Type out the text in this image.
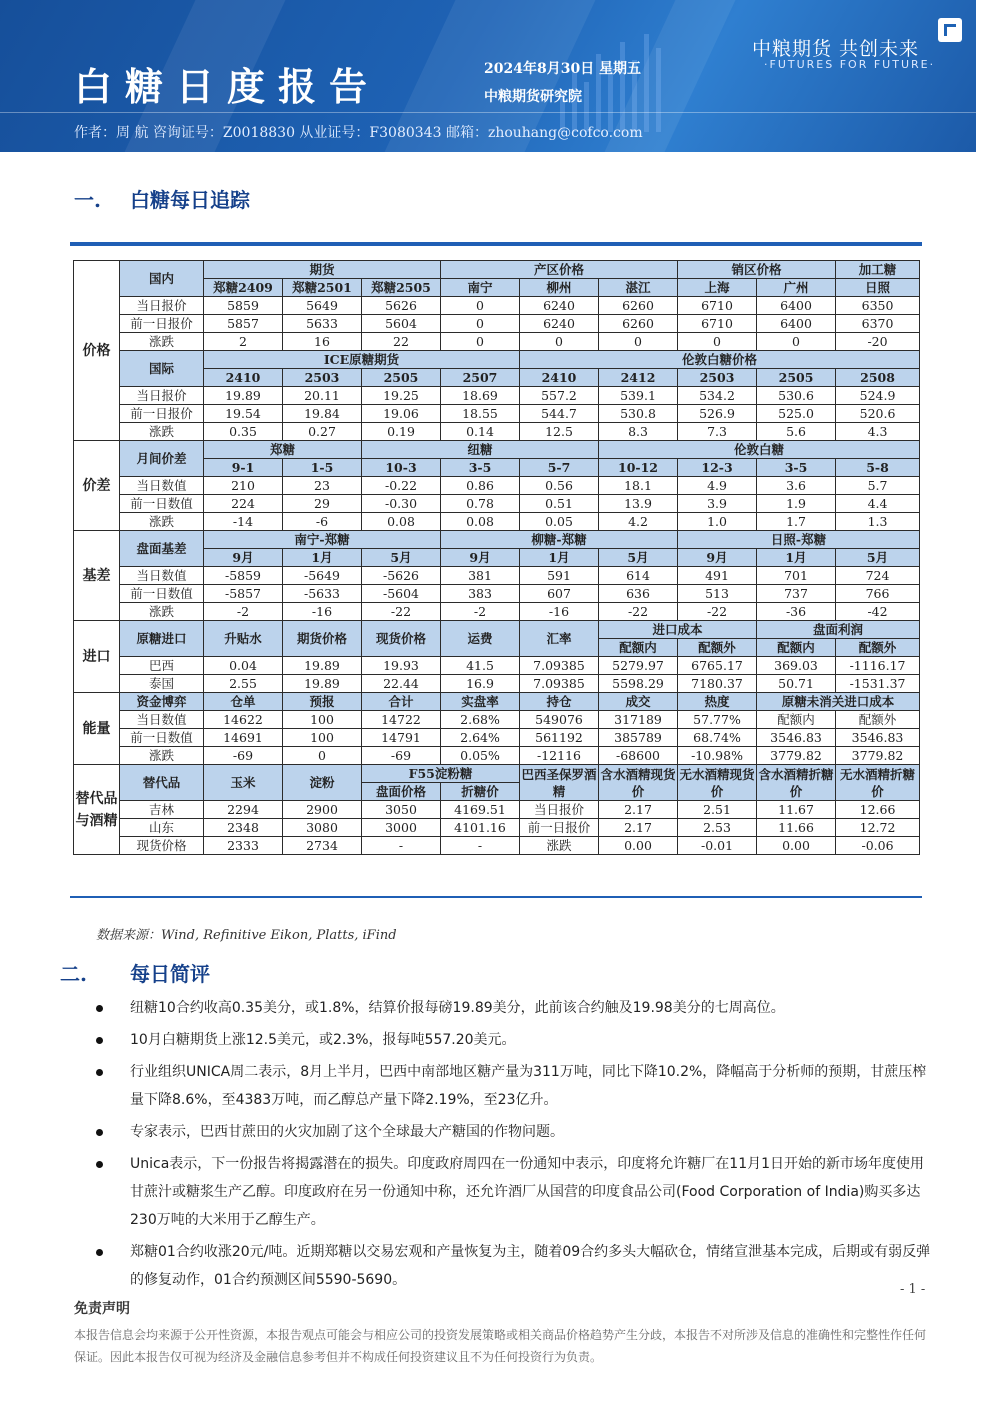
白糖日度报告	2024年8月30日 星期五
中粮期货研究院
中粮期货 共创未来
·FUTURES FOR FUTURE·
作者：周 航 咨询证号：Z0018830 从业证号：F3080343 邮箱：zhouhang@cofco.com
一. 白糖每日追踪
价格	国内	期货			产区价格			销区价格		加工糖
		郑糖2409	郑糖2501	郑糖2505	南宁	柳州	湛江	上海	广州	日照
	当日报价	5859	5649	5626	0	6240	6260	6710	6400	6350
	前一日报价	5857	5633	5604	0	6240	6260	6710	6400	6370
	涨跌	2	16	22	0	0	0	0	0	-20
	国际	ICE原糖期货				伦敦白糖价格				
		2410	2503	2505	2507	2410	2412	2503	2505	2508
	当日报价	19.89	20.11	19.25	18.69	557.2	539.1	534.2	530.6	524.9
	前一日报价	19.54	19.84	19.06	18.55	544.7	530.8	526.9	525.0	520.6
	涨跌	0.35	0.27	0.19	0.14	12.5	8.3	7.3	5.6	4.3
价差	月间价差	郑糖		纽糖			伦敦白糖			
		9-1	1-5	10-3	3-5	5-7	10-12	12-3	3-5	5-8
	当日数值	210	23	-0.22	0.86	0.56	18.1	4.9	3.6	5.7
	前一日数值	224	29	-0.30	0.78	0.51	13.9	3.9	1.9	4.4
	涨跌	-14	-6	0.08	0.08	0.05	4.2	1.0	1.7	1.3
基差	盘面基差	南宁-郑糖			柳糖-郑糖			日照-郑糖		
		9月	1月	5月	9月	1月	5月	9月	1月	5月
	当日数值	-5859	-5649	-5626	381	591	614	491	701	724
	前一日数值	-5857	-5633	-5604	383	607	636	513	737	766
	涨跌	-2	-16	-22	-2	-16	-22	-22	-36	-42
进口	原糖进口	升贴水	期货价格	现货价格	运费	汇率	进口成本		盘面利润	
							配额内	配额外	配额内	配额外
	巴西	0.04	19.89	19.93	41.5	7.09385	5279.97	6765.17	369.03	-1116.17
	泰国	2.55	19.89	22.44	16.9	7.09385	5598.29	7180.37	50.71	-1531.37
能量	资金博弈	仓单	预报	合计	实盘率	持仓	成交	热度	原糖未消关进口成本	
	当日数值	14622	100	14722	2.68%	549076	317189	57.77%	配额内	配额外
	前一日数值	14691	100	14791	2.64%	561192	385789	68.74%	3546.83	3546.83
	涨跌	-69	0	-69	0.05%	-12116	-68600	-10.98%	3779.82	3779.82
替代品与酒精	替代品	玉米	淀粉	F55淀粉糖		巴西圣保罗酒精	含水酒精现货价	无水酒精现货价	含水酒精折糖价	无水酒精折糖价
				盘面价格	折糖价					
	吉林	2294	2900	3050	4169.51	当日报价	2.17	2.51	11.67	12.66
	山东	2348	3080	3000	4101.16	前一日报价	2.17	2.53	11.66	12.72
	现货价格	2333	2734	-	-	涨跌	0.00	-0.01	0.00	-0.06
数据来源：Wind, Refinitive Eikon, Platts, iFind
二. 每日简评
纽糖10合约收高0.35美分，或1.8%，结算价报每磅19.89美分，此前该合约触及19.98美分的七周高位。
10月白糖期货上涨12.5美元，或2.3%，报每吨557.20美元。
行业组织UNICA周二表示，8月上半月，巴西中南部地区糖产量为311万吨，同比下降10.2%，降幅高于分析师的预期，甘蔗压榨量下降8.6%，至4383万吨，而乙醇总产量下降2.19%，至23亿升。
专家表示，巴西甘蔗田的火灾加剧了这个全球最大产糖国的作物问题。
Unica表示，下一份报告将揭露潜在的损失。印度政府周四在一份通知中表示，印度将允许糖厂在11月1日开始的新市场年度使用甘蔗汁或糖浆生产乙醇。印度政府在另一份通知中称，还允许酒厂从国营的印度食品公司(Food Corporation of India)购买多达230万吨的大米用于乙醇生产。
郑糖01合约收涨20元/吨。近期郑糖以交易宏观和产量恢复为主，随着09合约多头大幅砍仓，情绪宣泄基本完成，后期或有弱反弹的修复动作，01合约预测区间5590-5690。
- 1 -
免责声明
本报告信息会均来源于公开性资源，本报告观点可能会与相应公司的投资发展策略或相关商品价格趋势产生分歧，本报告不对所涉及信息的准确性和完整性作任何保证。因此本报告仅可视为经济及金融信息参考但并不构成任何投资建议且不为任何投资行为负责。
